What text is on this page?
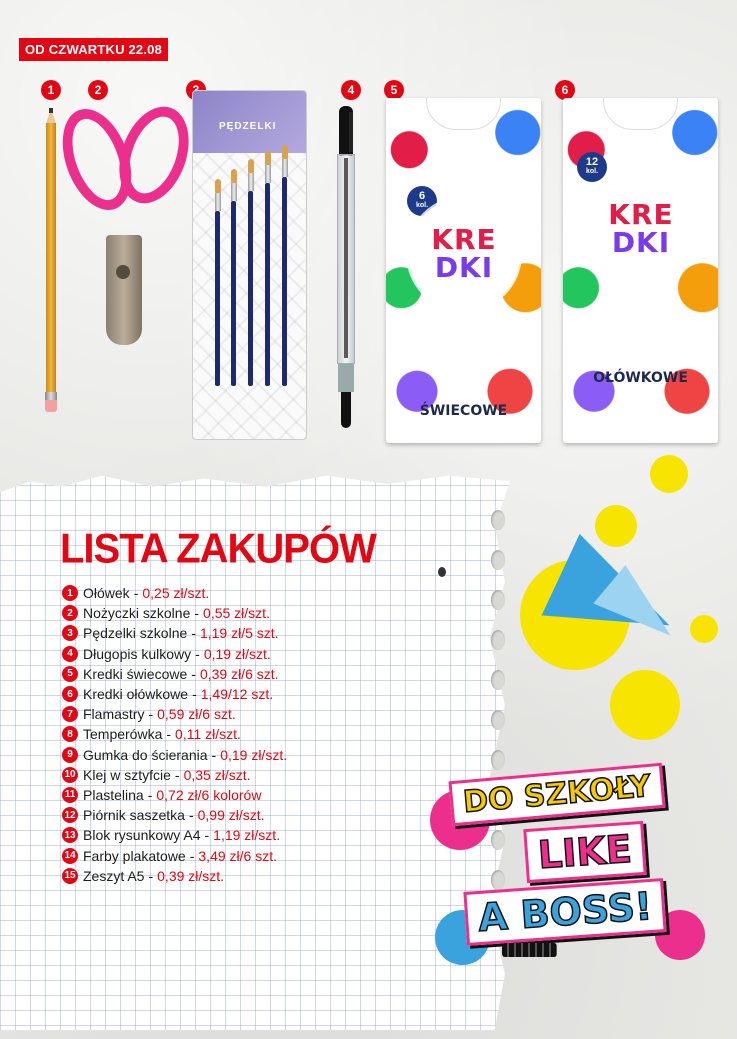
OD CZWARTKU 22.08
1	2
PĘDZELKI
4	5
6
kol.
KRE
DKI
ŚWIECOWE
6
12
kol.
KRE
DKI
OŁÓWKOWE
LISTA ZAKUPÓW
1 Ołówek - 0,25 zł/szt.
2 Nożyczki szkolne - 0,55 zł/szt.
3 Pędzelki szkolne - 1,19 zł/5 szt.
4 Długopis kulkowy - 0,19 zł/szt.
5 Kredki świecowe - 0,39 zł/6 szt.
6 Kredki ołówkowe - 1,49/12 szt.
7 Flamastry - 0,59 zł/6 szt.
8 Temperówka - 0,11 zł/szt.
9 Gumka do ścierania - 0,19 zł/szt.
10 Klej w sztyfcie - 0,35 zł/szt.
11 Plastelina - 0,72 zł/6 kolorów
12 Piórnik saszetka - 0,99 zł/szt.
13 Blok rysunkowy A4 - 1,19 zł/szt.
14 Farby plakatowe - 3,49 zł/6 szt.
15 Zeszyt A5 - 0,39 zł/szt.
DO SZKOŁY
LIKE
A BOSS!
